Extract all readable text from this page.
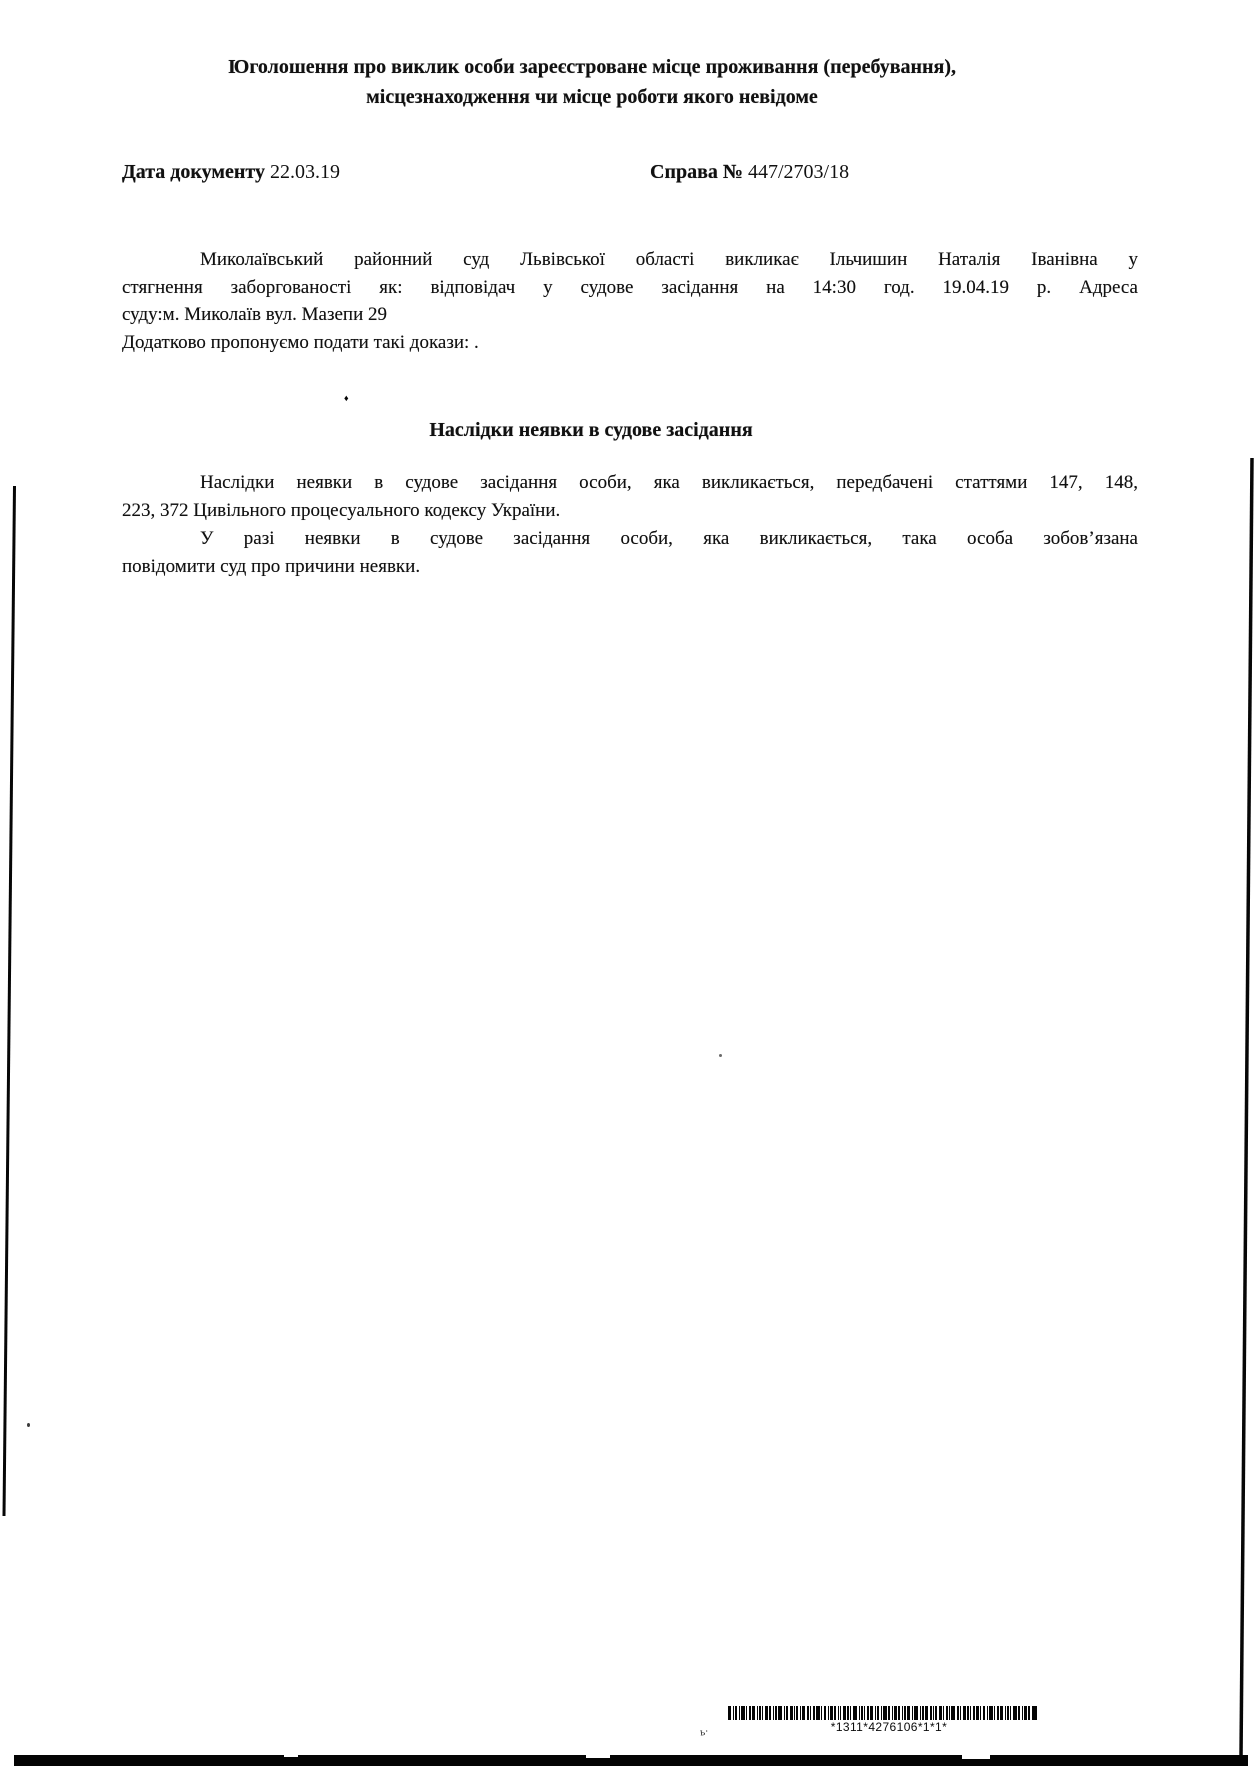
ІОголошення про виклик особи зареєстроване місце проживання (перебування),
місцезнаходження чи місце роботи якого невідоме
Дата документу 22.03.19	Справа № 447/2703/18
Миколаївський районний суд Львівської області викликає Ільчишин Наталія Іванівна у
стягнення заборгованості як: відповідач у судове засідання на 14:30 год. 19.04.19 р. Адреса
суду:м. Миколаїв вул. Мазепи 29
Додатково пропонуємо подати такі докази: .
♦
Наслідки неявки в судове засідання
Наслідки неявки в судове засідання особи, яка викликається, передбачені статтями 147, 148,
223, 372 Цивільного процесуального кодексу України.
У разі неявки в судове засідання особи, яка викликається, така особа зобов’язана
повідомити суд про причини неявки.
*1311*4276106*1*1*
ь·
